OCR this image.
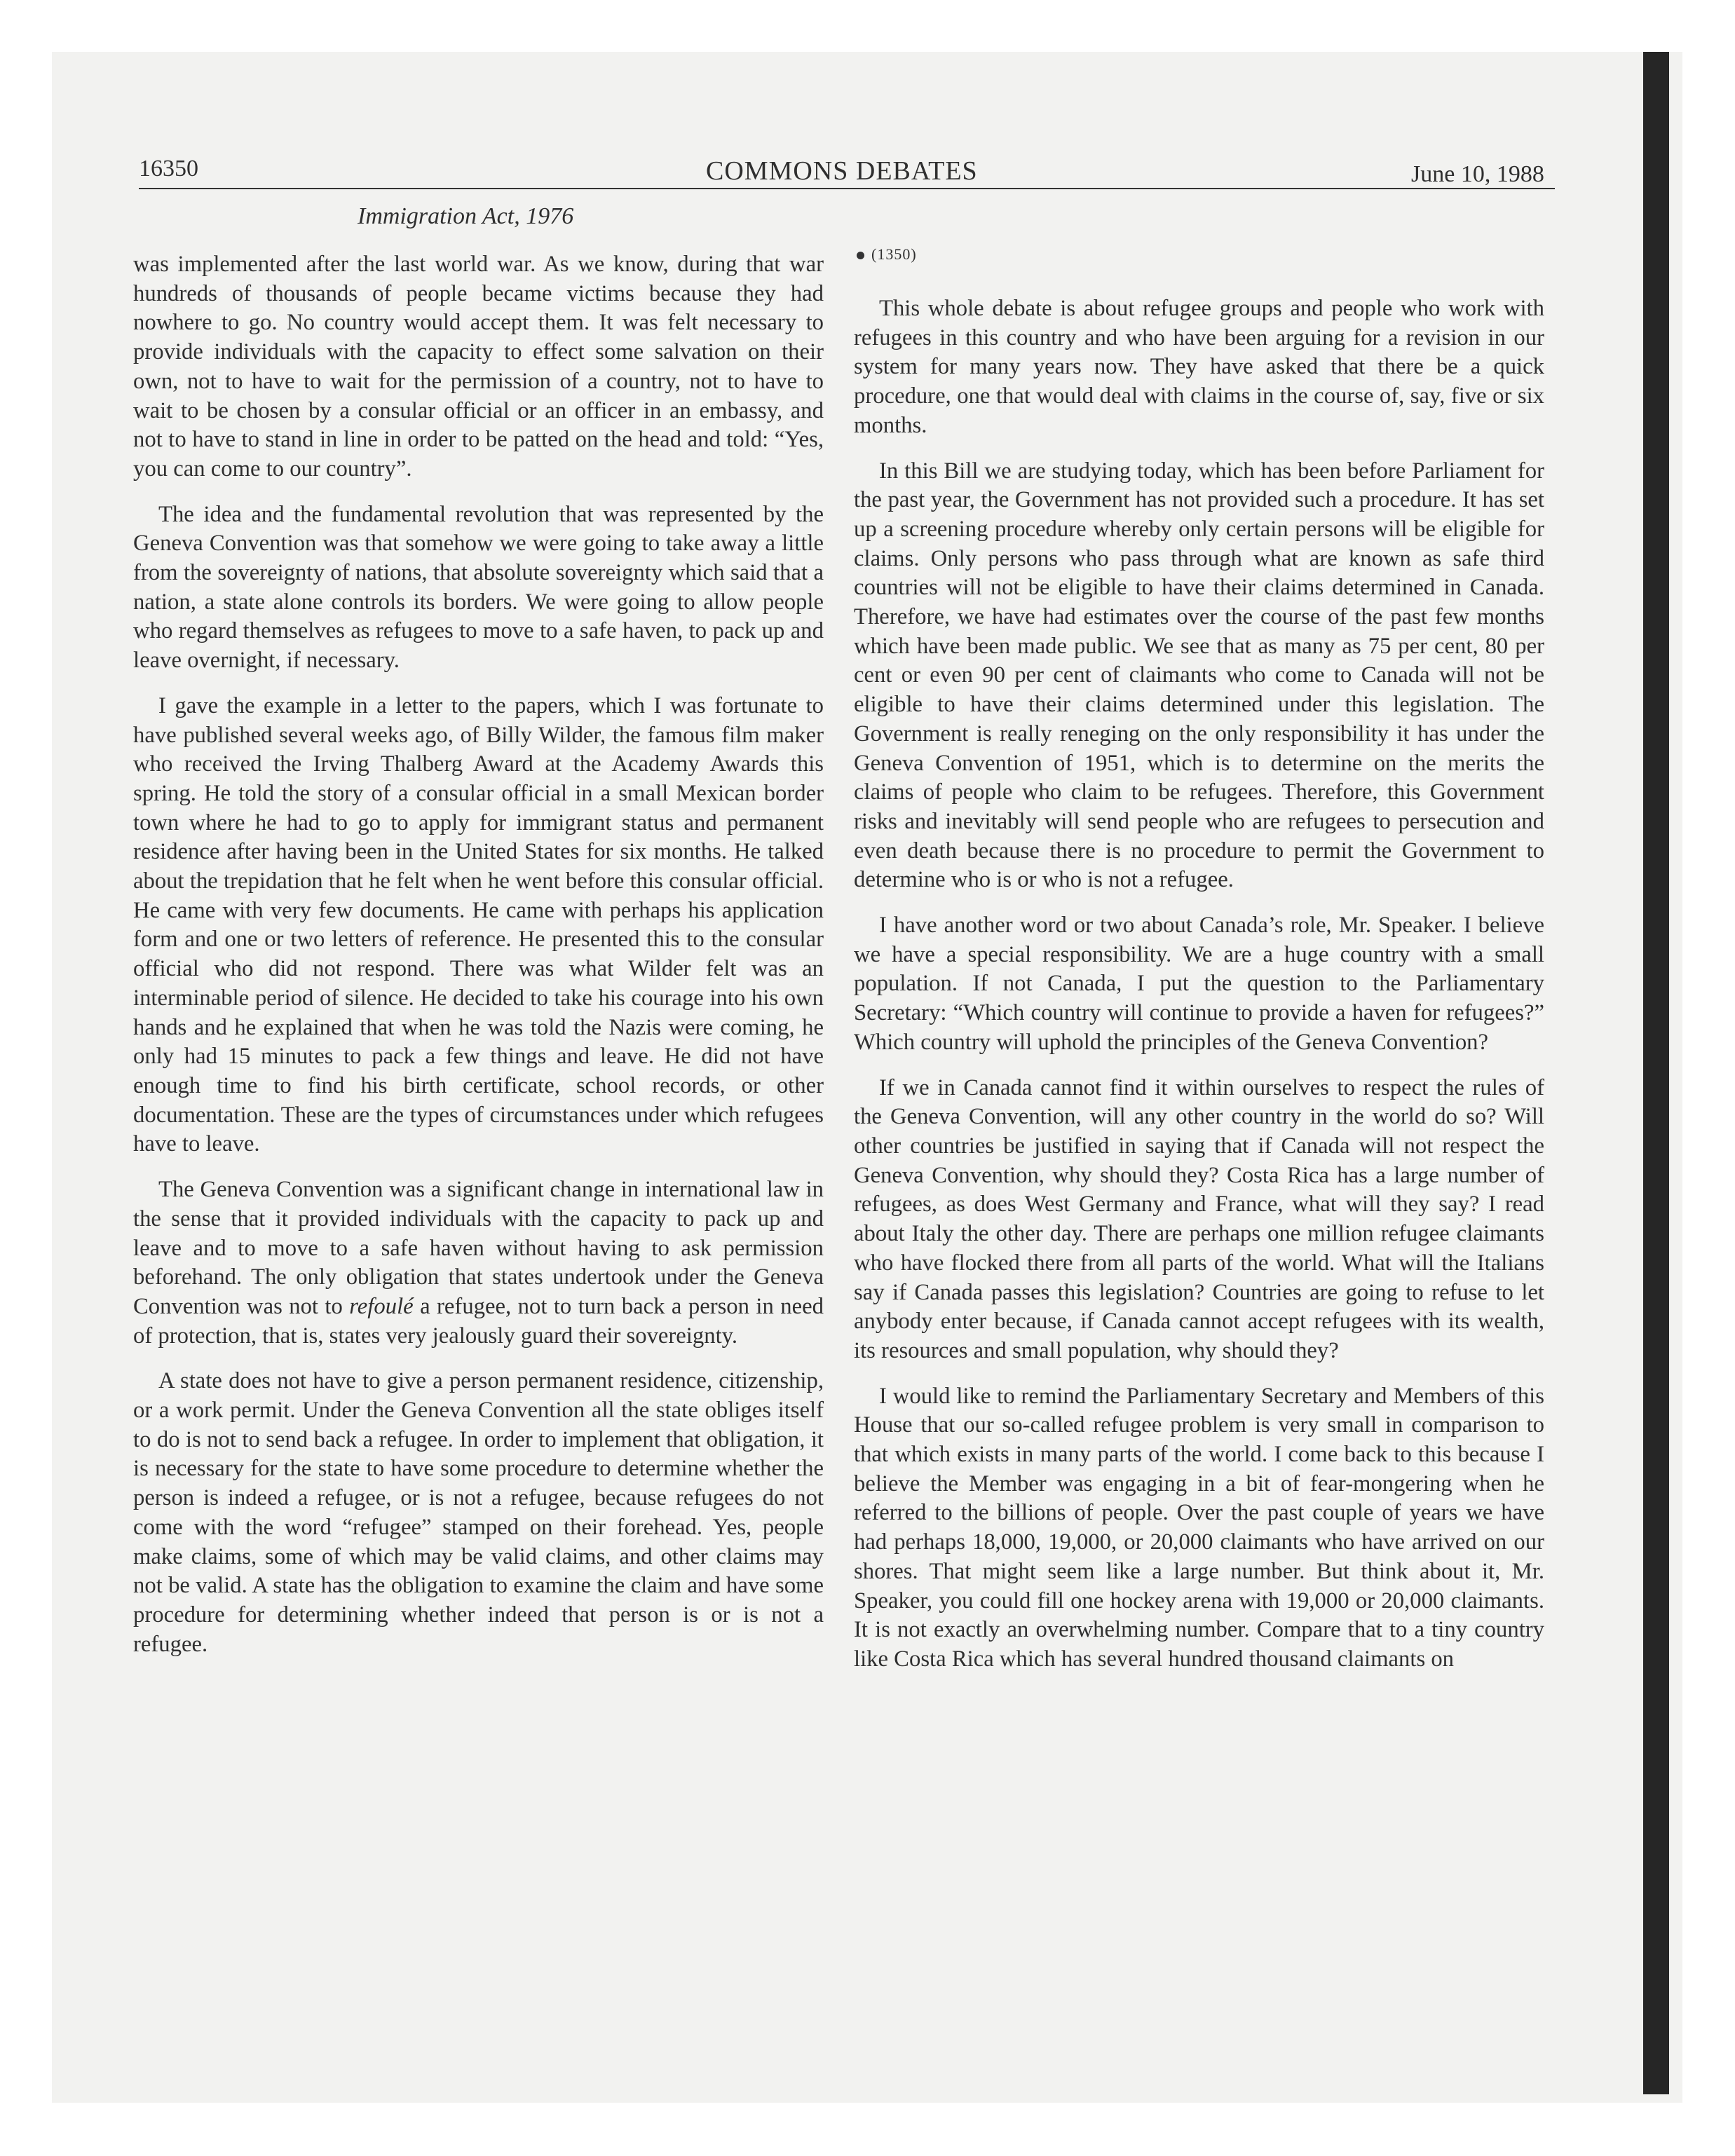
16350	COMMONS DEBATES	June 10, 1988
Immigration Act, 1976

was implemented after the last world war. As we know, during that war hundreds of thousands of people became victims because they had nowhere to go. No country would accept them. It was felt necessary to provide individuals with the capacity to effect some salvation on their own, not to have to wait for the permission of a country, not to have to wait to be chosen by a consular official or an officer in an embassy, and not to have to stand in line in order to be patted on the head and told: “Yes, you can come to our country”.

The idea and the fundamental revolution that was represented by the Geneva Convention was that somehow we were going to take away a little from the sovereignty of nations, that absolute sovereignty which said that a nation, a state alone controls its borders. We were going to allow people who regard themselves as refugees to move to a safe haven, to pack up and leave overnight, if necessary.

I gave the example in a letter to the papers, which I was fortunate to have published several weeks ago, of Billy Wilder, the famous film maker who received the Irving Thalberg Award at the Academy Awards this spring. He told the story of a consular official in a small Mexican border town where he had to go to apply for immigrant status and permanent residence after having been in the United States for six months. He talked about the trepidation that he felt when he went before this consular official. He came with very few documents. He came with perhaps his application form and one or two letters of reference. He presented this to the consular official who did not respond. There was what Wilder felt was an interminable period of silence. He decided to take his courage into his own hands and he explained that when he was told the Nazis were coming, he only had 15 minutes to pack a few things and leave. He did not have enough time to find his birth certificate, school records, or other documentation. These are the types of circumstances under which refugees have to leave.

The Geneva Convention was a significant change in international law in the sense that it provided individuals with the capacity to pack up and leave and to move to a safe haven without having to ask permission beforehand. The only obligation that states undertook under the Geneva Convention was not to refoulé a refugee, not to turn back a person in need of protection, that is, states very jealously guard their sovereignty.

A state does not have to give a person permanent residence, citizenship, or a work permit. Under the Geneva Convention all the state obliges itself to do is not to send back a refugee. In order to implement that obligation, it is necessary for the state to have some procedure to determine whether the person is indeed a refugee, or is not a refugee, because refugees do not come with the word “refugee” stamped on their forehead. Yes, people make claims, some of which may be valid claims, and other claims may not be valid. A state has the obligation to examine the claim and have some procedure for determining whether indeed that person is or is not a refugee.

(1350)

This whole debate is about refugee groups and people who work with refugees in this country and who have been arguing for a revision in our system for many years now. They have asked that there be a quick procedure, one that would deal with claims in the course of, say, five or six months.

In this Bill we are studying today, which has been before Parliament for the past year, the Government has not provided such a procedure. It has set up a screening procedure whereby only certain persons will be eligible for claims. Only persons who pass through what are known as safe third countries will not be eligible to have their claims determined in Canada. Therefore, we have had estimates over the course of the past few months which have been made public. We see that as many as 75 per cent, 80 per cent or even 90 per cent of claimants who come to Canada will not be eligible to have their claims determined under this legislation. The Government is really reneging on the only responsibility it has under the Geneva Convention of 1951, which is to determine on the merits the claims of people who claim to be refugees. Therefore, this Government risks and inevitably will send people who are refugees to persecution and even death because there is no procedure to permit the Government to determine who is or who is not a refugee.

I have another word or two about Canada’s role, Mr. Speaker. I believe we have a special responsibility. We are a huge country with a small population. If not Canada, I put the question to the Parliamentary Secretary: “Which country will continue to provide a haven for refugees?” Which country will uphold the principles of the Geneva Convention?

If we in Canada cannot find it within ourselves to respect the rules of the Geneva Convention, will any other country in the world do so? Will other countries be justified in saying that if Canada will not respect the Geneva Convention, why should they? Costa Rica has a large number of refugees, as does West Germany and France, what will they say? I read about Italy the other day. There are perhaps one million refugee claimants who have flocked there from all parts of the world. What will the Italians say if Canada passes this legislation? Countries are going to refuse to let anybody enter because, if Canada cannot accept refugees with its wealth, its resources and small population, why should they?

I would like to remind the Parliamentary Secretary and Members of this House that our so-called refugee problem is very small in comparison to that which exists in many parts of the world. I come back to this because I believe the Member was engaging in a bit of fear-mongering when he referred to the billions of people. Over the past couple of years we have had perhaps 18,000, 19,000, or 20,000 claimants who have arrived on our shores. That might seem like a large number. But think about it, Mr. Speaker, you could fill one hockey arena with 19,000 or 20,000 claimants. It is not exactly an overwhelming number. Compare that to a tiny country like Costa Rica which has several hundred thousand claimants on
